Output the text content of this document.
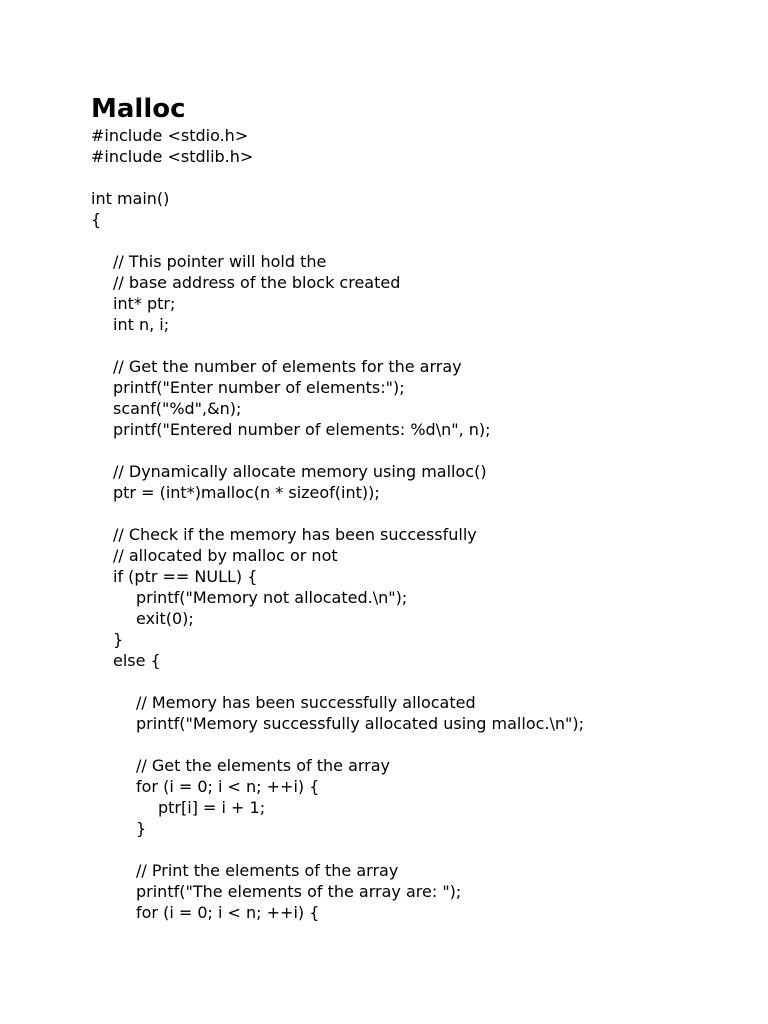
Malloc
#include <stdio.h>
#include <stdlib.h>
int main()
{
// This pointer will hold the
// base address of the block created
int* ptr;
int n, i;
// Get the number of elements for the array
printf("Enter number of elements:");
scanf("%d",&n);
printf("Entered number of elements: %d\n", n);
// Dynamically allocate memory using malloc()
ptr = (int*)malloc(n * sizeof(int));
// Check if the memory has been successfully
// allocated by malloc or not
if (ptr == NULL) {
printf("Memory not allocated.\n");
exit(0);
}
else {
// Memory has been successfully allocated
printf("Memory successfully allocated using malloc.\n");
// Get the elements of the array
for (i = 0; i < n; ++i) {
ptr[i] = i + 1;
}
// Print the elements of the array
printf("The elements of the array are: ");
for (i = 0; i < n; ++i) {
